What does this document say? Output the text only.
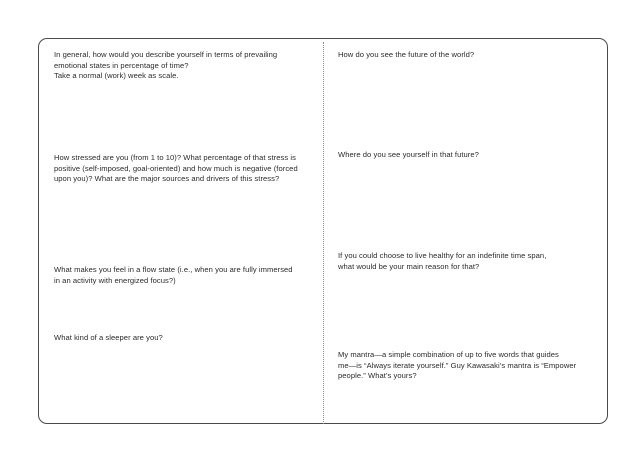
In general, how would you describe yourself in terms of prevailing
emotional states in percentage of time?
Take a normal (work) week as scale.

How stressed are you (from 1 to 10)? What percentage of that stress is
positive (self-imposed, goal-oriented) and how much is negative (forced
upon you)? What are the major sources and drivers of this stress?

What makes you feel in a flow state (i.e., when you are fully immersed
in an activity with energized focus?)

What kind of a sleeper are you?

How do you see the future of the world?

Where do you see yourself in that future?

If you could choose to live healthy for an indefinite time span,
what would be your main reason for that?

My mantra—a simple combination of up to five words that guides
me—is “Always iterate yourself.” Guy Kawasaki’s mantra is “Empower
people.” What’s yours?
